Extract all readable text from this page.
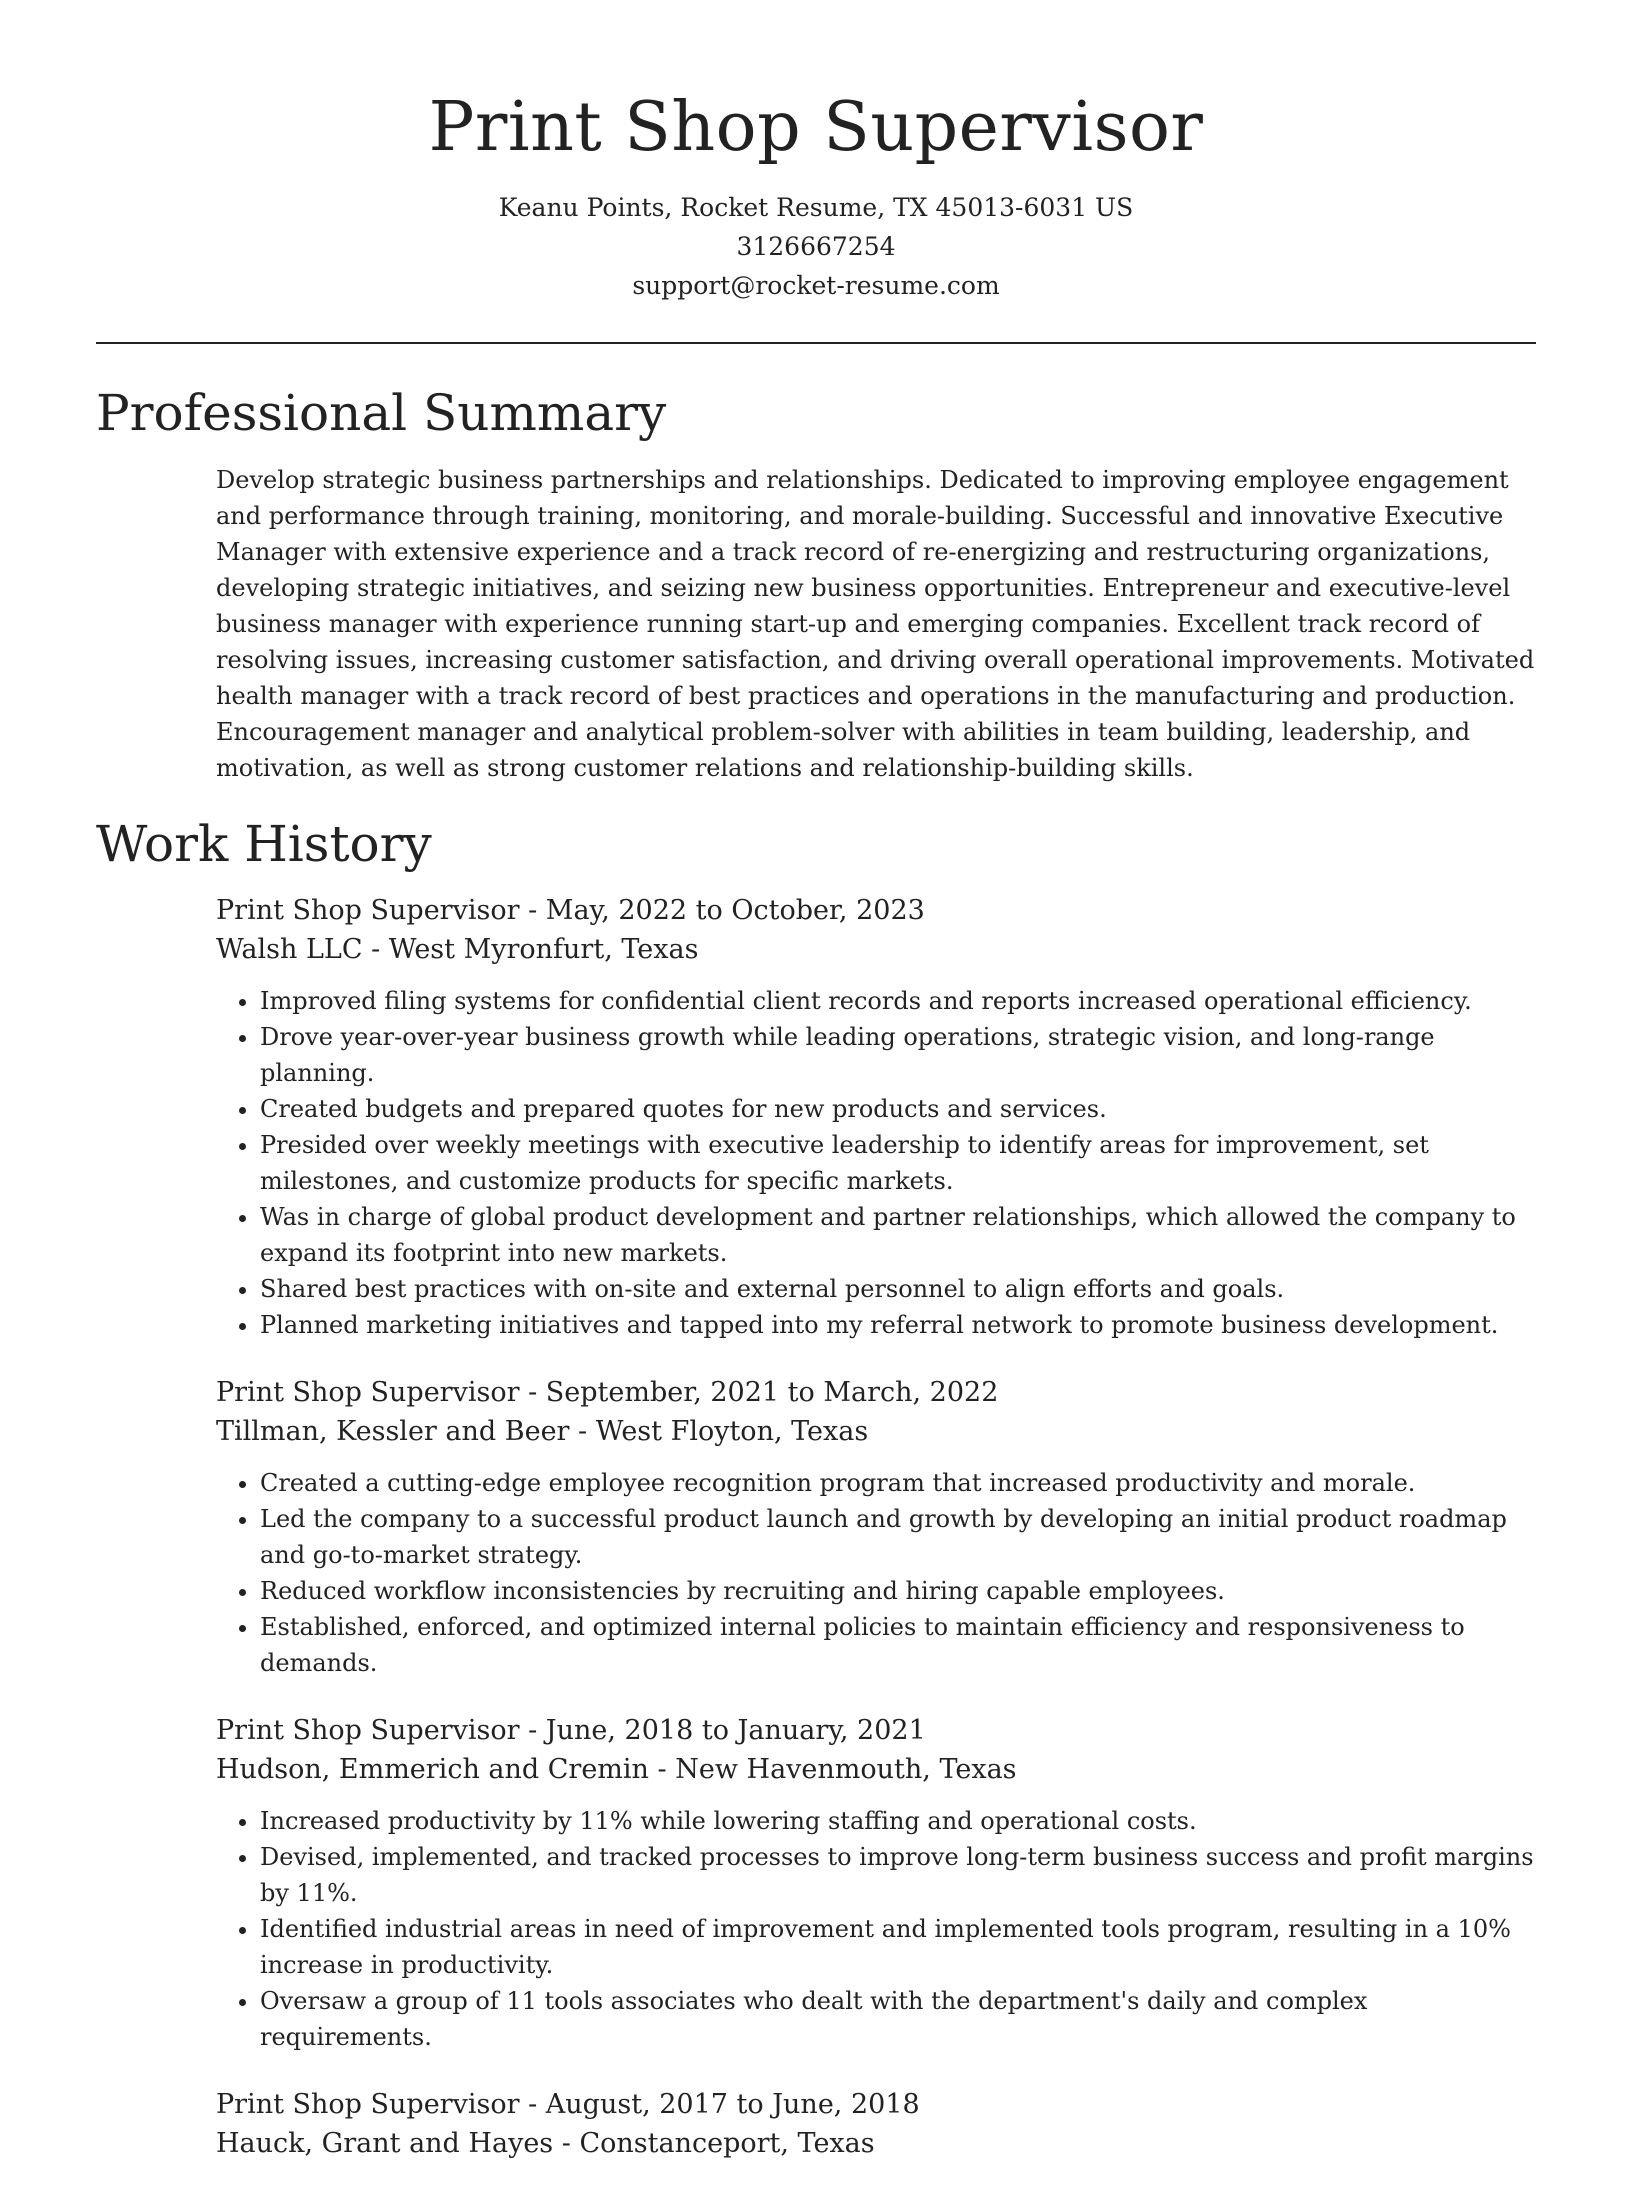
Print Shop Supervisor
Keanu Points, Rocket Resume, TX 45013-6031 US
3126667254
support@rocket-resume.com
Professional Summary

Develop strategic business partnerships and relationships. Dedicated to improving employee engagement and performance through training, monitoring, and morale-building. Successful and innovative Executive Manager with extensive experience and a track record of re-energizing and restructuring organizations, developing strategic initiatives, and seizing new business opportunities. Entrepreneur and executive-level business manager with experience running start-up and emerging companies. Excellent track record of resolving issues, increasing customer satisfaction, and driving overall operational improvements. Motivated health manager with a track record of best practices and operations in the manufacturing and production. Encouragement manager and analytical problem-solver with abilities in team building, leadership, and motivation, as well as strong customer relations and relationship-building skills.

Work History

Print Shop Supervisor - May, 2022 to October, 2023

Walsh LLC - West Myronfurt, Texas

• Improved filing systems for confidential client records and reports increased operational efficiency.
• Drove year-over-year business growth while leading operations, strategic vision, and long-range planning.
• Created budgets and prepared quotes for new products and services.
• Presided over weekly meetings with executive leadership to identify areas for improvement, set milestones, and customize products for specific markets.
• Was in charge of global product development and partner relationships, which allowed the company to expand its footprint into new markets.
• Shared best practices with on-site and external personnel to align efforts and goals.
• Planned marketing initiatives and tapped into my referral network to promote business development.

Print Shop Supervisor - September, 2021 to March, 2022

Tillman, Kessler and Beer - West Floyton, Texas

• Created a cutting-edge employee recognition program that increased productivity and morale.
• Led the company to a successful product launch and growth by developing an initial product roadmap and go-to-market strategy.
• Reduced workflow inconsistencies by recruiting and hiring capable employees.
• Established, enforced, and optimized internal policies to maintain efficiency and responsiveness to demands.

Print Shop Supervisor - June, 2018 to January, 2021

Hudson, Emmerich and Cremin - New Havenmouth, Texas

• Increased productivity by 11% while lowering staffing and operational costs.
• Devised, implemented, and tracked processes to improve long-term business success and profit margins by 11%.
• Identified industrial areas in need of improvement and implemented tools program, resulting in a 10% increase in productivity.
• Oversaw a group of 11 tools associates who dealt with the department's daily and complex requirements.

Print Shop Supervisor - August, 2017 to June, 2018

Hauck, Grant and Hayes - Constanceport, Texas
